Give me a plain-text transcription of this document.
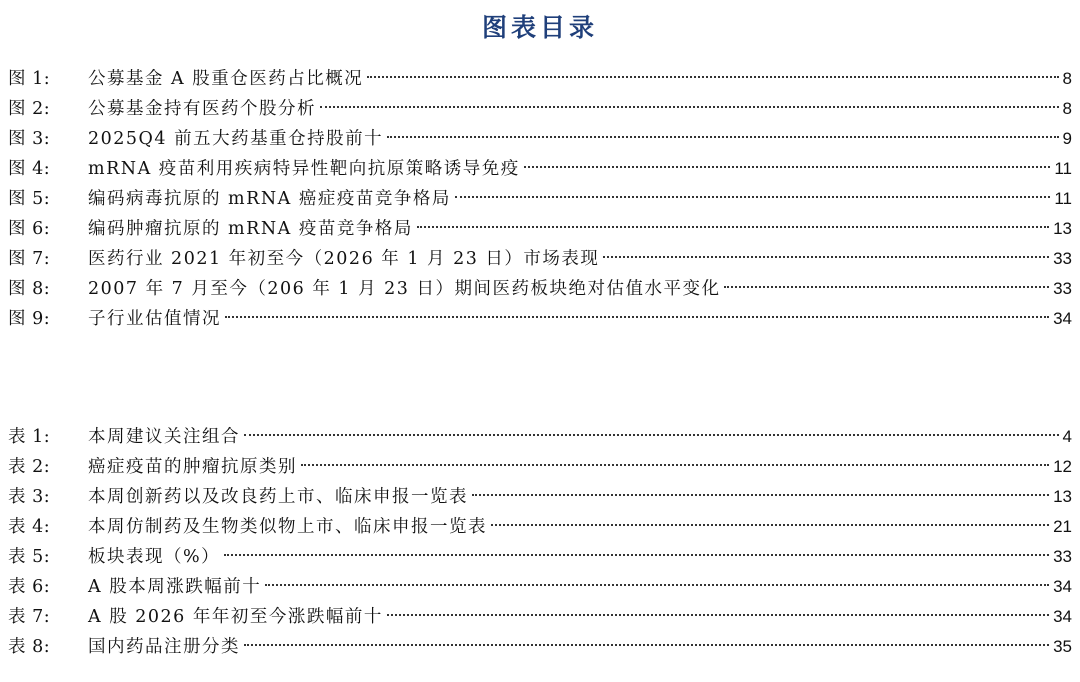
图表目录
图 1:	公募基金 A 股重仓医药占比概况	8
图 2:	公募基金持有医药个股分析	8
图 3:	2025Q4 前五大药基重仓持股前十	9
图 4:	mRNA 疫苗利用疾病特异性靶向抗原策略诱导免疫	11
图 5:	编码病毒抗原的 mRNA 癌症疫苗竞争格局	11
图 6:	编码肿瘤抗原的 mRNA 疫苗竞争格局	13
图 7:	医药行业 2021 年初至今（2026 年 1 月 23 日）市场表现	33
图 8:	2007 年 7 月至今（206 年 1 月 23 日）期间医药板块绝对估值水平变化	33
图 9:	子行业估值情况	34
表 1:	本周建议关注组合	4
表 2:	癌症疫苗的肿瘤抗原类别	12
表 3:	本周创新药以及改良药上市、临床申报一览表	13
表 4:	本周仿制药及生物类似物上市、临床申报一览表	21
表 5:	板块表现（%）	33
表 6:	A 股本周涨跌幅前十	34
表 7:	A 股 2026 年年初至今涨跌幅前十	34
表 8:	国内药品注册分类	35
